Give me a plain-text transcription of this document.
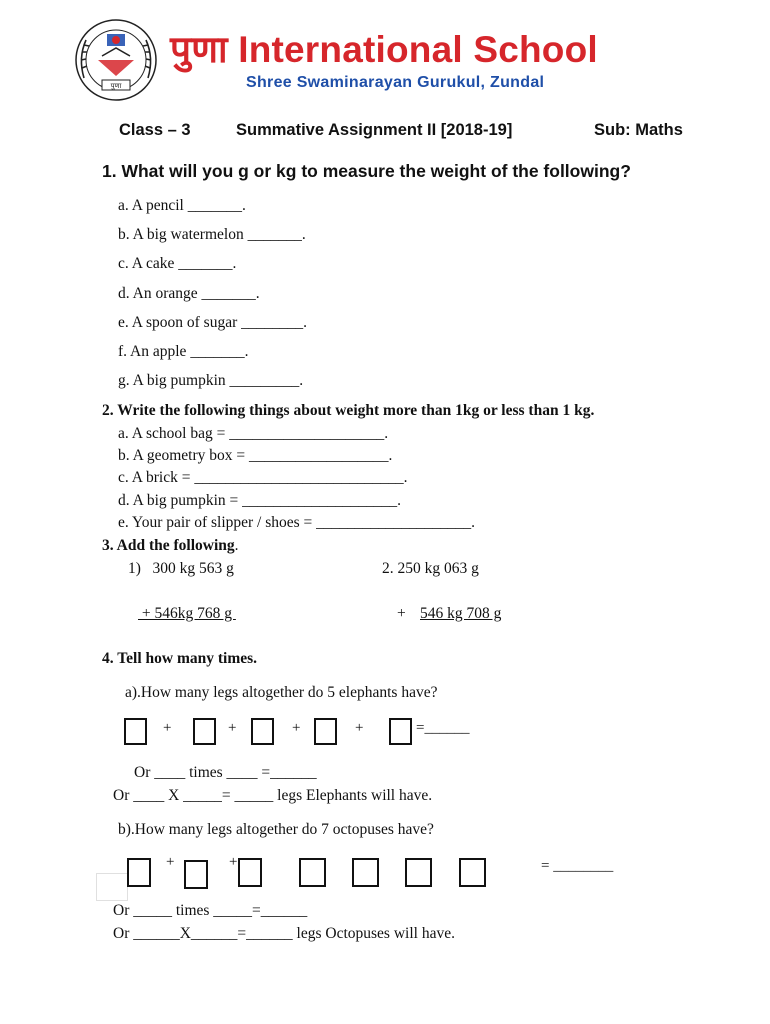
पुणा
पुणा International School
Shree Swaminarayan Gurukul, Zundal
Class – 3	Summative Assignment II [2018-19]	Sub: Maths
1. What will you g or kg to measure the weight of the following?
a. A pencil _______.
b. A big watermelon _______.
c. A cake _______.
d. An orange _______.
e. A spoon of sugar ________.
f. An apple _______.
g. A big pumpkin _________.
2. Write the following things about weight more than 1kg or less than 1 kg.
a. A school bag = ____________________.
b. A geometry box = __________________.
c. A brick = ___________________________.
d. A big pumpkin = ____________________.
e. Your pair of slipper / shoes = ____________________.
3. Add the following.
1)   300 kg 563 g
+ 546kg 768 g
2. 250 kg 063 g
+ 546 kg 708 g
4. Tell how many times.
a).How many legs altogether do 5 elephants have?
+	+	+	+	=______
Or ____ times ____ =______
Or ____ X _____= _____ legs Elephants will have.
b).How many legs altogether do 7 octopuses have?
+	+	= ________
Or _____ times _____=______
Or ______X______=______ legs Octopuses will have.
